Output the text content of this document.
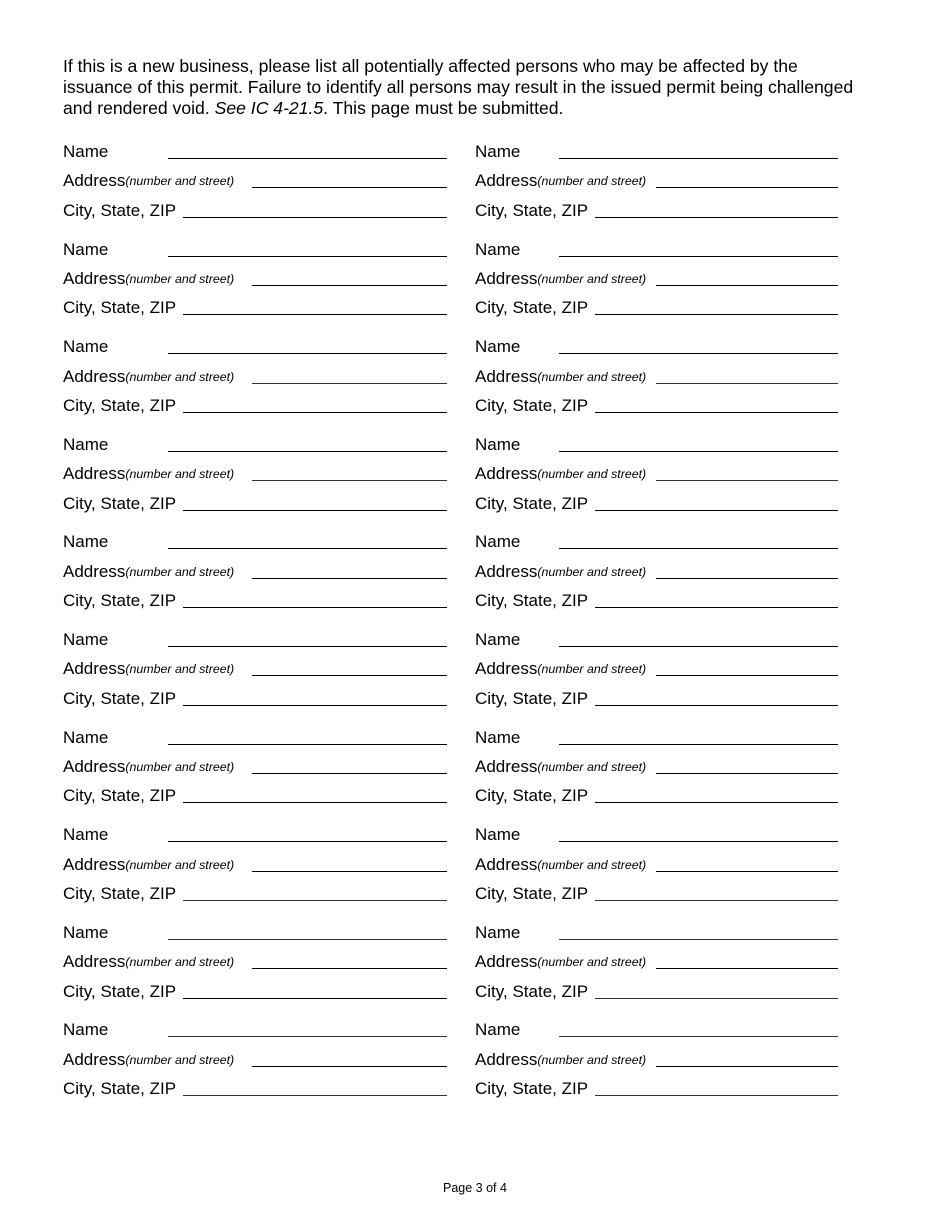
If this is a new business, please list all potentially affected persons who may be affected by the issuance of this permit. Failure to identify all persons may result in the issued permit being challenged and rendered void. See IC 4-21.5. This page must be submitted.

Name
Address (number and street)
City, State, ZIP
Name
Address (number and street)
City, State, ZIP
Name
Address (number and street)
City, State, ZIP
Name
Address (number and street)
City, State, ZIP
Name
Address (number and street)
City, State, ZIP
Name
Address (number and street)
City, State, ZIP
Name
Address (number and street)
City, State, ZIP
Name
Address (number and street)
City, State, ZIP
Name
Address (number and street)
City, State, ZIP
Name
Address (number and street)
City, State, ZIP
Name
Address (number and street)
City, State, ZIP
Name
Address (number and street)
City, State, ZIP
Name
Address (number and street)
City, State, ZIP
Name
Address (number and street)
City, State, ZIP
Name
Address (number and street)
City, State, ZIP
Name
Address (number and street)
City, State, ZIP
Name
Address (number and street)
City, State, ZIP
Name
Address (number and street)
City, State, ZIP
Name
Address (number and street)
City, State, ZIP
Name
Address (number and street)
City, State, ZIP
Page 3 of 4
